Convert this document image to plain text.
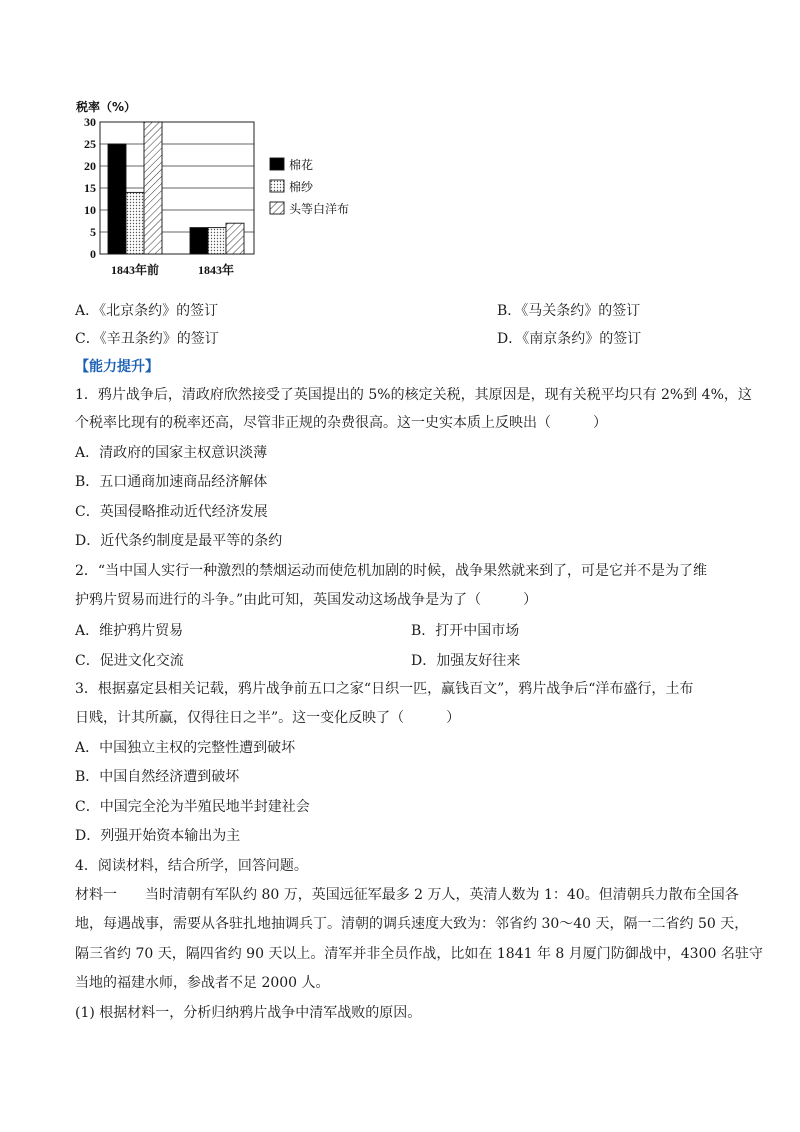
税率（%）
30
25
20
15
10
5
0
1843年前	1843年
棉花
棉纱
头等白洋布
A．《北京条约》的签订	B．《马关条约》的签订
C．《辛丑条约》的签订	D．《南京条约》的签订
【能力提升】
1．鸦片战争后，清政府欣然接受了英国提出的 5%的核定关税，其原因是，现有关税平均只有 2%到 4%，这
个税率比现有的税率还高，尽管非正规的杂费很高。这一史实本质上反映出（　　　）
A．清政府的国家主权意识淡薄
B．五口通商加速商品经济解体
C．英国侵略推动近代经济发展
D．近代条约制度是最平等的条约
2．“当中国人实行一种激烈的禁烟运动而使危机加剧的时候，战争果然就来到了，可是它并不是为了维
护鸦片贸易而进行的斗争。”由此可知，英国发动这场战争是为了（　　　）
A．维护鸦片贸易	B．打开中国市场
C．促进文化交流	D．加强友好往来
3．根据嘉定县相关记载，鸦片战争前五口之家“日织一匹，赢钱百文”，鸦片战争后“洋布盛行，土布
日贱，计其所赢，仅得往日之半”。这一变化反映了（　　　）
A．中国独立主权的完整性遭到破坏
B．中国自然经济遭到破坏
C．中国完全沦为半殖民地半封建社会
D．列强开始资本输出为主
4．阅读材料，结合所学，回答问题。
材料一　　当时清朝有军队约 80 万，英国远征军最多 2 万人，英清人数为 1：40。但清朝兵力散布全国各
地，每遇战事，需要从各驻扎地抽调兵丁。清朝的调兵速度大致为：邻省约 30〜40 天，隔一二省约 50 天，
隔三省约 70 天，隔四省约 90 天以上。清军并非全员作战，比如在 1841 年 8 月厦门防御战中，4300 名驻守
当地的福建水师，参战者不足 2000 人。
(1) 根据材料一，分析归纳鸦片战争中清军战败的原因。
